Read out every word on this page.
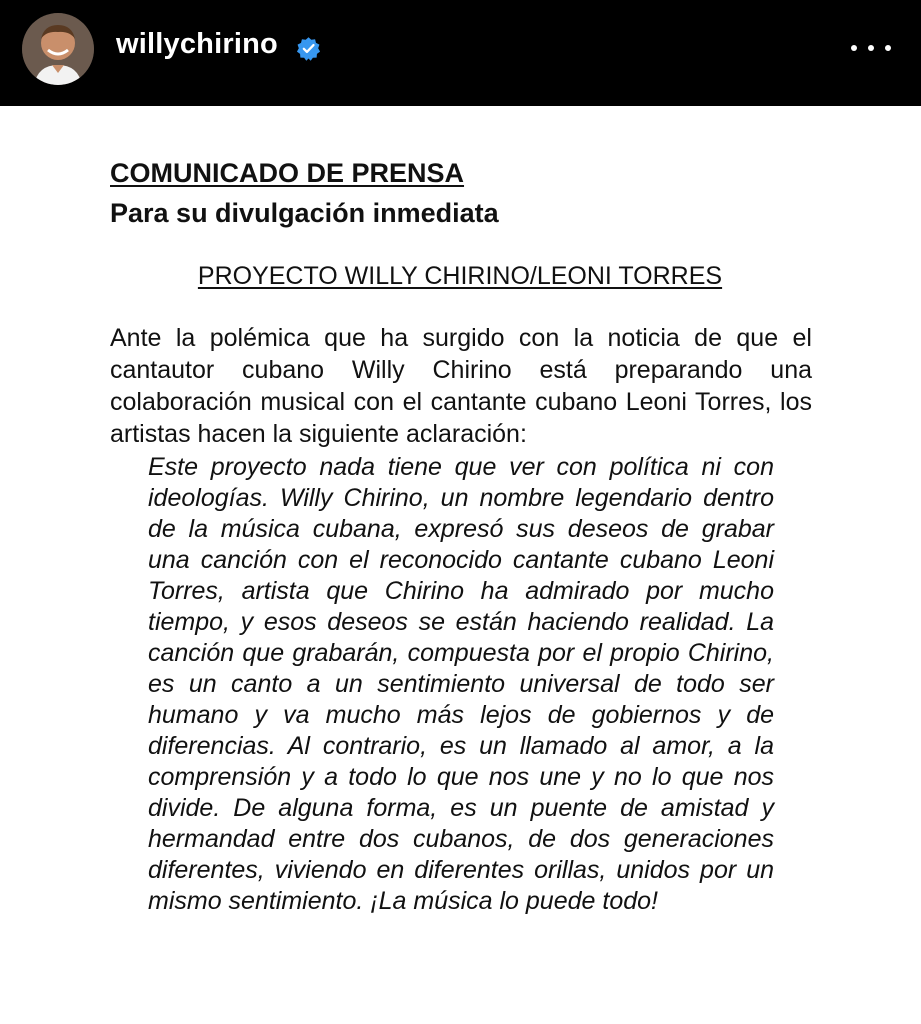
willychirino
COMUNICADO DE PRENSA
Para su divulgación inmediata
PROYECTO WILLY CHIRINO/LEONI TORRES
Ante la polémica que ha surgido con la noticia de que el cantautor cubano Willy Chirino está preparando una colaboración musical con el cantante cubano Leoni Torres, los artistas hacen la siguiente aclaración:
Este proyecto nada tiene que ver con política ni con ideologías. Willy Chirino, un nombre legendario dentro de la música cubana, expresó sus deseos de grabar una canción con el reconocido cantante cubano Leoni Torres, artista que Chirino ha admirado por mucho tiempo, y esos deseos se están haciendo realidad. La canción que grabarán, compuesta por el propio Chirino, es un canto a un sentimiento universal de todo ser humano y va mucho más lejos de gobiernos y de diferencias. Al contrario, es un llamado al amor, a la comprensión y a todo lo que nos une y no lo que nos divide. De alguna forma, es un puente de amistad y hermandad entre dos cubanos, de dos generaciones diferentes, viviendo en diferentes orillas, unidos por un mismo sentimiento. ¡La música lo puede todo!
